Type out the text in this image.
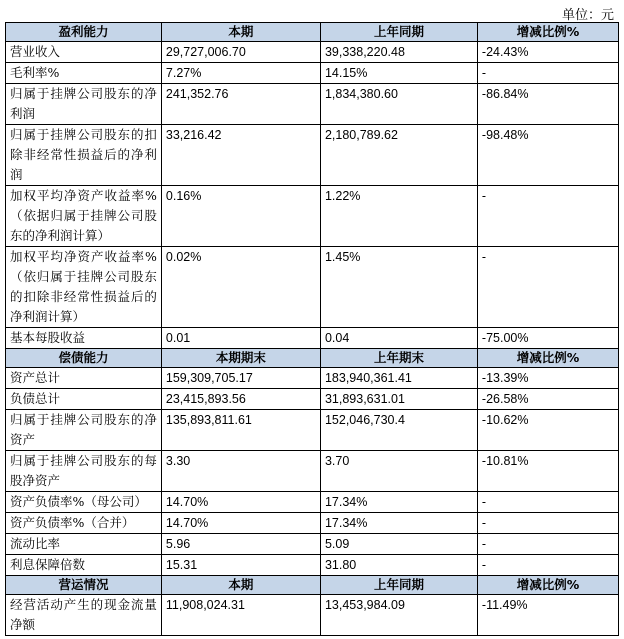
单位：元
盈利能力	本期	上年同期	增减比例%
营业收入	29,727,006.70	39,338,220.48	-24.43%
毛利率%	7.27%	14.15%	-
归属于挂牌公司股东的净利润	241,352.76	1,834,380.60	-86.84%
归属于挂牌公司股东的扣除非经常性损益后的净利润	33,216.42	2,180,789.62	-98.48%
加权平均净资产收益率%（依据归属于挂牌公司股东的净利润计算）	0.16%	1.22%	-
加权平均净资产收益率%（依归属于挂牌公司股东的扣除非经常性损益后的净利润计算）	0.02%	1.45%	-
基本每股收益	0.01	0.04	-75.00%
偿债能力	本期期末	上年期末	增减比例%
资产总计	159,309,705.17	183,940,361.41	-13.39%
负债总计	23,415,893.56	31,893,631.01	-26.58%
归属于挂牌公司股东的净资产	135,893,811.61	152,046,730.4	-10.62%
归属于挂牌公司股东的每股净资产	3.30	3.70	-10.81%
资产负债率%（母公司）	14.70%	17.34%	-
资产负债率%（合并）	14.70%	17.34%	-
流动比率	5.96	5.09	-
利息保障倍数	15.31	31.80	-
营运情况	本期	上年同期	增减比例%
经营活动产生的现金流量净额	11,908,024.31	13,453,984.09	-11.49%
